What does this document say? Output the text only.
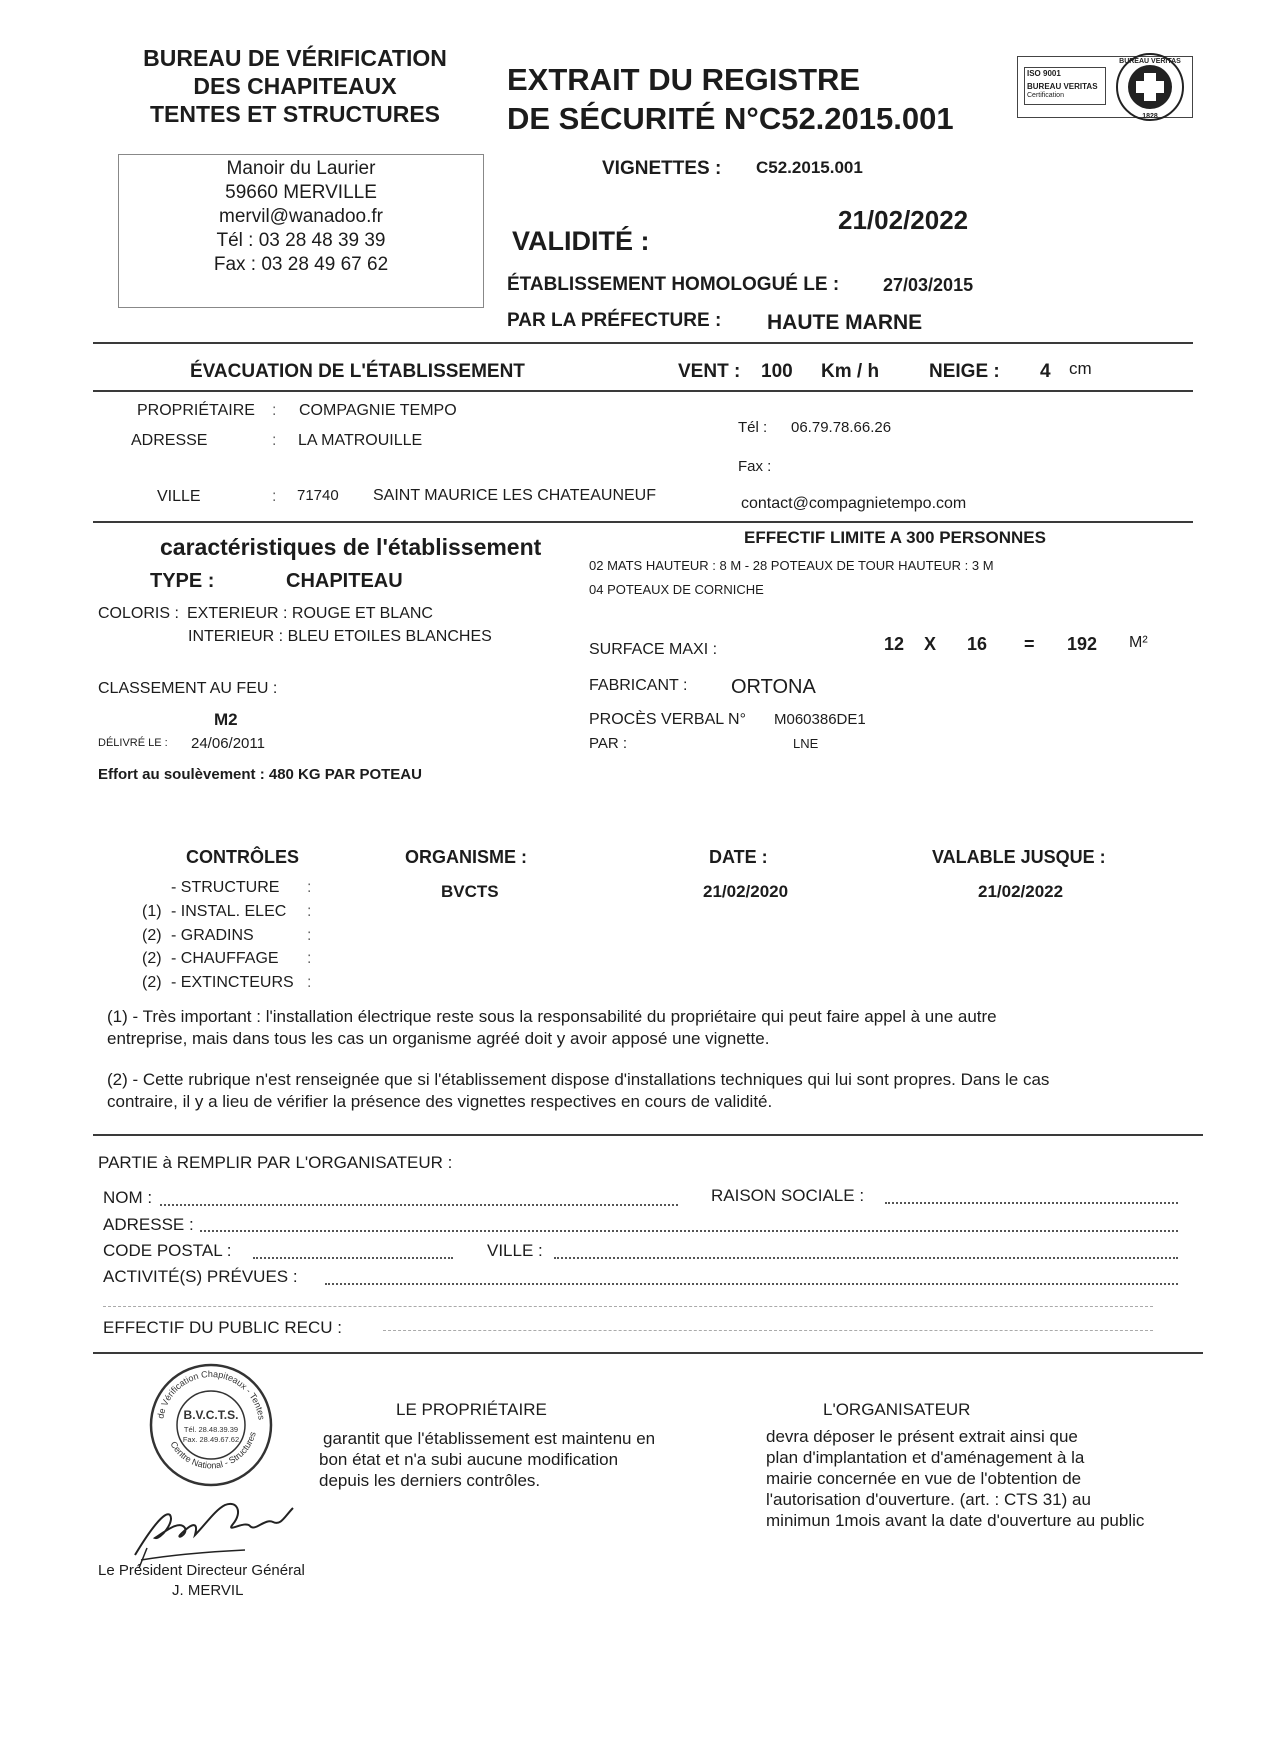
BUREAU DE VÉRIFICATION
DES CHAPITEAUX
TENTES ET STRUCTURES
Manoir du Laurier
59660 MERVILLE
mervil@wanadoo.fr
Tél : 03 28 48 39 39
Fax : 03 28 49 67 62
EXTRAIT DU REGISTRE
DE SÉCURITÉ N°C52.2015.001
ISO 9001
BUREAU VERITAS
Certification
BUREAU VERITAS
1828
VIGNETTES : C52.2015.001
VALIDITÉ :
21/02/2022
ÉTABLISSEMENT HOMOLOGUÉ LE : 27/03/2015
PAR LA PRÉFECTURE : HAUTE MARNE
ÉVACUATION DE L'ÉTABLISSEMENT	VENT : 100 Km / h	NEIGE : 4 cm
PROPRIÉTAIRE : COMPAGNIE TEMPO
ADRESSE	: LA MATROUILLE
VILLE	: 71740 SAINT MAURICE LES CHATEAUNEUF
Tél : 06.79.78.66.26
Fax :
contact@compagnietempo.com
caractéristiques de l'établissement
TYPE :	CHAPITEAU
COLORIS : EXTERIEUR : ROUGE ET BLANC
INTERIEUR : BLEU ETOILES BLANCHES
CLASSEMENT AU FEU :
M2
DÉLIVRÉ LE : 24/06/2011
Effort au soulèvement : 480 KG PAR POTEAU
EFFECTIF LIMITE A 300 PERSONNES
02 MATS HAUTEUR : 8 M - 28 POTEAUX DE TOUR HAUTEUR : 3 M
04 POTEAUX DE CORNICHE
SURFACE MAXI :	12 X 16 = 192 M²
FABRICANT : ORTONA
PROCÈS VERBAL N° M060386DE1
PAR :	LNE
CONTRÔLES	ORGANISME :	DATE :	VALABLE JUSQUE :
- STRUCTURE :	BVCTS	21/02/2020	21/02/2022
(1) - INSTAL. ELEC :
(2) - GRADINS	:
(2) - CHAUFFAGE :
(2) - EXTINCTEURS :
(1) - Très important : l'installation électrique reste sous la responsabilité du propriétaire qui peut faire appel à une autre
entreprise, mais dans tous les cas un organisme agréé doit y avoir apposé une vignette.
(2) - Cette rubrique n'est renseignée que si l'établissement dispose d'installations techniques qui lui sont propres. Dans le cas
contraire, il y a lieu de vérifier la présence des vignettes respectives en cours de validité.
PARTIE à REMPLIR PAR L'ORGANISATEUR :
NOM :	RAISON SOCIALE :
ADRESSE :
CODE POSTAL :	VILLE :
ACTIVITÉ(S) PRÉVUES :
EFFECTIF DU PUBLIC RECU :
de Vérification Chapiteaux - Tentes
Centre National - Structures
B.V.C.T.S.
Tél. 28.48.39.39
Fax. 28.49.67.62
Le Président Directeur Général
J. MERVIL
LE PROPRIÉTAIRE
garantit que l'établissement est maintenu en
bon état et n'a subi aucune modification
depuis les derniers contrôles.
L'ORGANISATEUR
devra déposer le présent extrait ainsi que
plan d'implantation et d'aménagement à la
mairie concernée en vue de l'obtention de
l'autorisation d'ouverture. (art. : CTS 31) au
minimun 1mois avant la date d'ouverture au public
